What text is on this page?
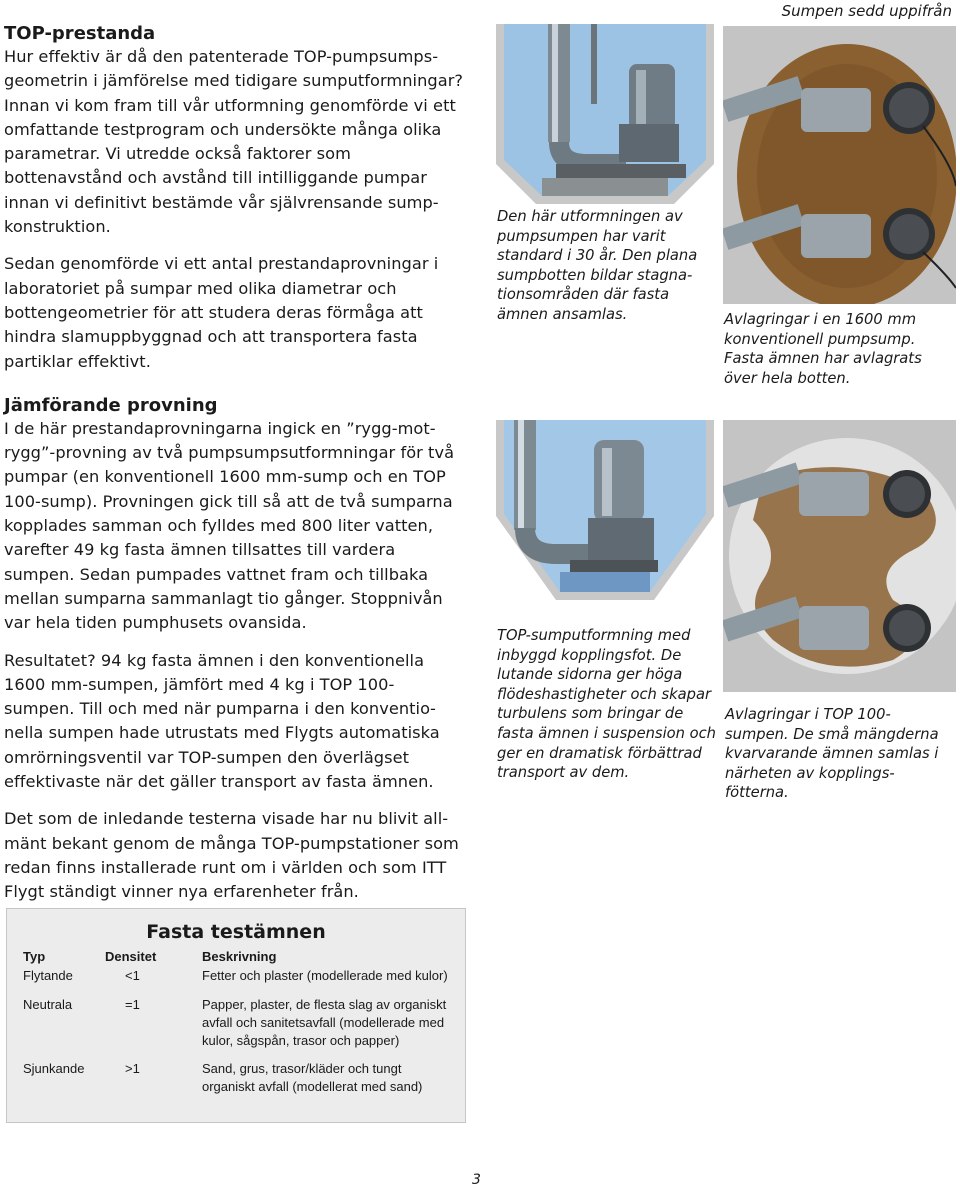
TOP-prestanda

Hur effektiv är då den patenterade TOP-pumpsumpsgeometrin i jämförelse med tidigare sumputformningar? Innan vi kom fram till vår utformning genomförde vi ett omfattande testprogram och undersökte många olika parametrar. Vi utredde också faktorer som bottenavstånd och avstånd till intilliggande pumpar innan vi definitivt bestämde vår självrensande sumpkonstruktion.

Sedan genomförde vi ett antal prestandaprovningar i laboratoriet på sumpar med olika diametrar och bottengeometrier för att studera deras förmåga att hindra slamuppbyggnad och att transportera fasta partiklar effektivt.

Jämförande provning

I de här prestandaprovningarna ingick en ”rygg-mot-rygg”-provning av två pumpsumpsutformningar för två pumpar (en konventionell 1600 mm-sump och en TOP 100-sump). Provningen gick till så att de två sumparna kopplades samman och fylldes med 800 liter vatten, varefter 49 kg fasta ämnen tillsattes till vardera sumpen. Sedan pumpades vattnet fram och tillbaka mellan sumparna sammanlagt tio gånger. Stoppnivån var hela tiden pumphusets ovansida.

Resultatet? 94 kg fasta ämnen i den konventionella 1600 mm-sumpen, jämfört med 4 kg i TOP 100-sumpen. Till och med när pumparna i den konventionella sumpen hade utrustats med Flygts automatiska omrörningsventil var TOP-sumpen den överlägset effektivaste när det gäller transport av fasta ämnen.

Det som de inledande testerna visade har nu blivit allmänt bekant genom de många TOP-pumpstationer som redan finns installerade runt om i världen och som ITT Flygt ständigt vinner nya erfarenheter från.

Den här utformningen av
pumpsumpen har varit
standard i 30 år. Den plana
sumpbotten bildar stagna-
tionsområden där fasta
ämnen ansamlas.
TOP-sumputformning med
inbyggd kopplingsfot. De
lutande sidorna ger höga
flödeshastigheter och skapar
turbulens som bringar de
fasta ämnen i suspension och
ger en dramatisk förbättrad
transport av dem.
Sumpen sedd uppifrån
Avlagringar i en 1600 mm
konventionell pumpsump.
Fasta ämnen har avlagrats
över hela botten.
Avlagringar i TOP 100-
sumpen. De små mängderna
kvarvarande ämnen samlas i
närheten av kopplings-
fötterna.
Fasta testämnen
Typ	Densitet	Beskrivning
Flytande	<1	Fetter och plaster (modellerade med kulor)
Neutrala	=1	Papper, plaster, de flesta slag av organiskt
avfall och sanitetsavfall (modellerade med
kulor, sågspån, trasor och papper)
Sjunkande	>1	Sand, grus, trasor/kläder och tungt
organiskt avfall (modellerat med sand)
3
